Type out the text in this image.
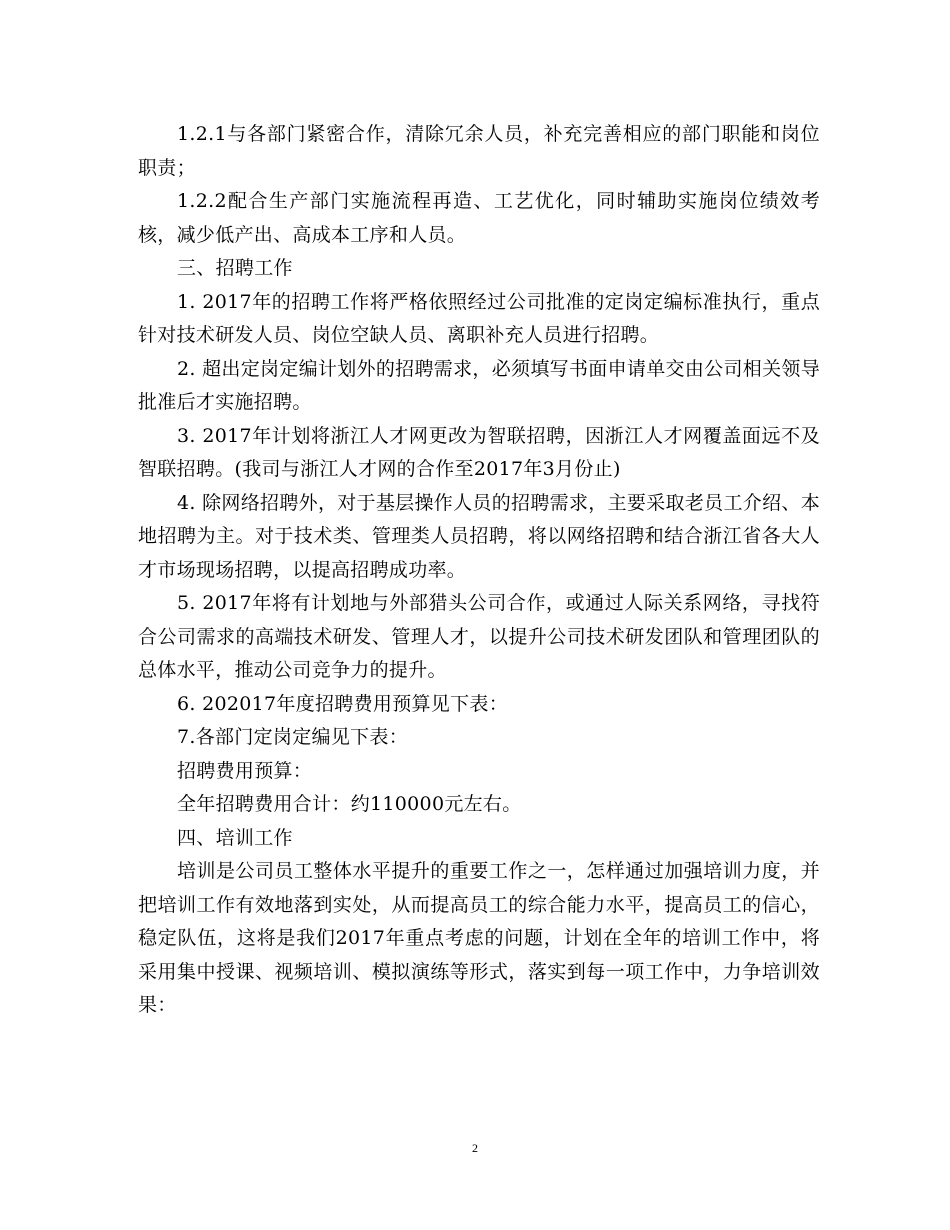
1.2.1与各部门紧密合作，清除冗余人员，补充完善相应的部门职能和岗位职责；

1.2.2配合生产部门实施流程再造、工艺优化，同时辅助实施岗位绩效考核，减少低产出、高成本工序和人员。

三、招聘工作

1. 2017年的招聘工作将严格依照经过公司批准的定岗定编标准执行，重点针对技术研发人员、岗位空缺人员、离职补充人员进行招聘。

2. 超出定岗定编计划外的招聘需求，必须填写书面申请单交由公司相关领导批准后才实施招聘。

3. 2017年计划将浙江人才网更改为智联招聘，因浙江人才网覆盖面远不及智联招聘。(我司与浙江人才网的合作至2017年3月份止)

4. 除网络招聘外，对于基层操作人员的招聘需求，主要采取老员工介绍、本地招聘为主。对于技术类、管理类人员招聘，将以网络招聘和结合浙江省各大人才市场现场招聘，以提高招聘成功率。

5. 2017年将有计划地与外部猎头公司合作，或通过人际关系网络，寻找符合公司需求的高端技术研发、管理人才，以提升公司技术研发团队和管理团队的总体水平，推动公司竞争力的提升。

6. 202017年度招聘费用预算见下表：

7.各部门定岗定编见下表：

招聘费用预算：

全年招聘费用合计：约110000元左右。

四、培训工作

培训是公司员工整体水平提升的重要工作之一，怎样通过加强培训力度，并把培训工作有效地落到实处，从而提高员工的综合能力水平，提高员工的信心，稳定队伍，这将是我们2017年重点考虑的问题，计划在全年的培训工作中，将采用集中授课、视频培训、模拟演练等形式，落实到每一项工作中，力争培训效果：

2
